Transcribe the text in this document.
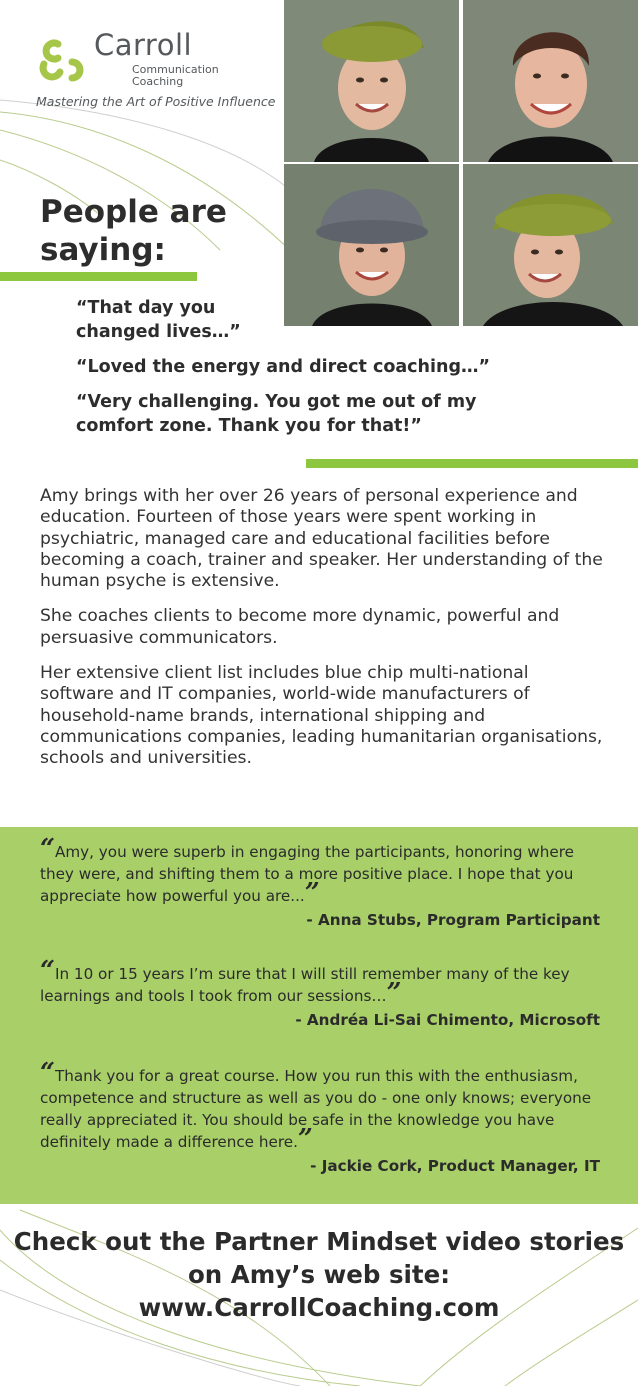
Carroll
Communication
Coaching
Mastering the Art of Positive Influence
People are
saying:
“That day you changed lives…”
“Loved the energy and direct coaching…”
“Very challenging. You got me out of my comfort zone. Thank you for that!”

Amy brings with her over 26 years of personal experience and education. Fourteen of those years were spent working in psychiatric, managed care and educational facilities before becoming a coach, trainer and speaker. Her understanding of the human psyche is extensive.

She coaches clients to become more dynamic, powerful and persuasive communicators.

Her extensive client list includes blue chip multi-national software and IT companies, world-wide manufacturers of household-name brands, international shipping and communications companies, leading humanitarian organisations, schools and universities.

“Amy, you were superb in engaging the participants, honoring where they were, and shifting them to a more positive place. I hope that you appreciate how powerful you are...”
- Anna Stubs, Program Participant
“In 10 or 15 years I’m sure that I will still remember many of the key learnings and tools I took from our sessions…”
- Andréa Li-Sai Chimento, Microsoft
“Thank you for a great course. How you run this with the enthusiasm, competence and structure as well as you do - one only knows; everyone really appreciated it. You should be safe in the knowledge you have definitely made a difference here.”
- Jackie Cork, Product Manager, IT
Check out the Partner Mindset video stories
on Amy’s web site:
www.CarrollCoaching.com
